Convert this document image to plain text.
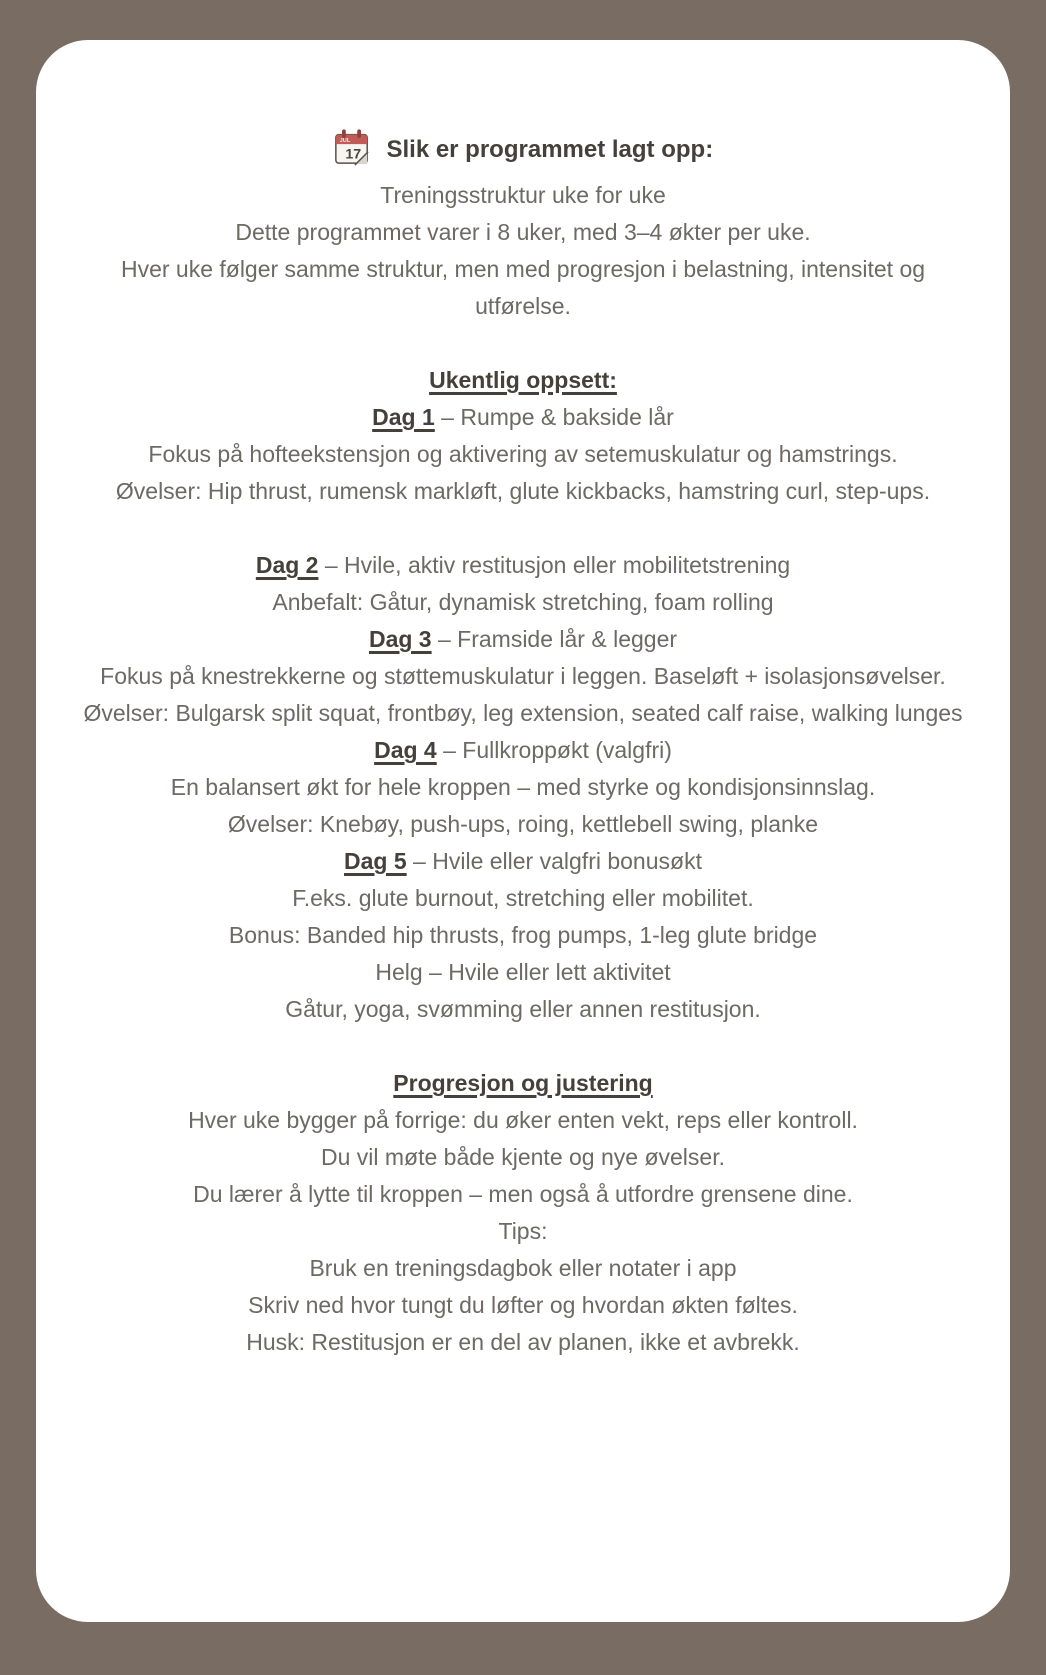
JUL
17 Slik er programmet lagt opp:

Treningsstruktur uke for uke

Dette programmet varer i 8 uker, med 3–4 økter per uke.

Hver uke følger samme struktur, men med progresjon i belastning, intensitet og utførelse.

Ukentlig oppsett:

Dag 1 – Rumpe & bakside lår

Fokus på hofteekstensjon og aktivering av setemuskulatur og hamstrings.

Øvelser: Hip thrust, rumensk markløft, glute kickbacks, hamstring curl, step-ups.

Dag 2 – Hvile, aktiv restitusjon eller mobilitetstrening

Anbefalt: Gåtur, dynamisk stretching, foam rolling

Dag 3 – Framside lår & legger

Fokus på knestrekkerne og støttemuskulatur i leggen. Baseløft + isolasjonsøvelser.

Øvelser: Bulgarsk split squat, frontbøy, leg extension, seated calf raise, walking lunges

Dag 4 – Fullkroppøkt (valgfri)

En balansert økt for hele kroppen – med styrke og kondisjonsinnslag.

Øvelser: Knebøy, push-ups, roing, kettlebell swing, planke

Dag 5 – Hvile eller valgfri bonusøkt

F.eks. glute burnout, stretching eller mobilitet.

Bonus: Banded hip thrusts, frog pumps, 1-leg glute bridge

Helg – Hvile eller lett aktivitet

Gåtur, yoga, svømming eller annen restitusjon.

Progresjon og justering

Hver uke bygger på forrige: du øker enten vekt, reps eller kontroll.

Du vil møte både kjente og nye øvelser.

Du lærer å lytte til kroppen – men også å utfordre grensene dine.

Tips:

Bruk en treningsdagbok eller notater i app

Skriv ned hvor tungt du løfter og hvordan økten føltes.

Husk: Restitusjon er en del av planen, ikke et avbrekk.
